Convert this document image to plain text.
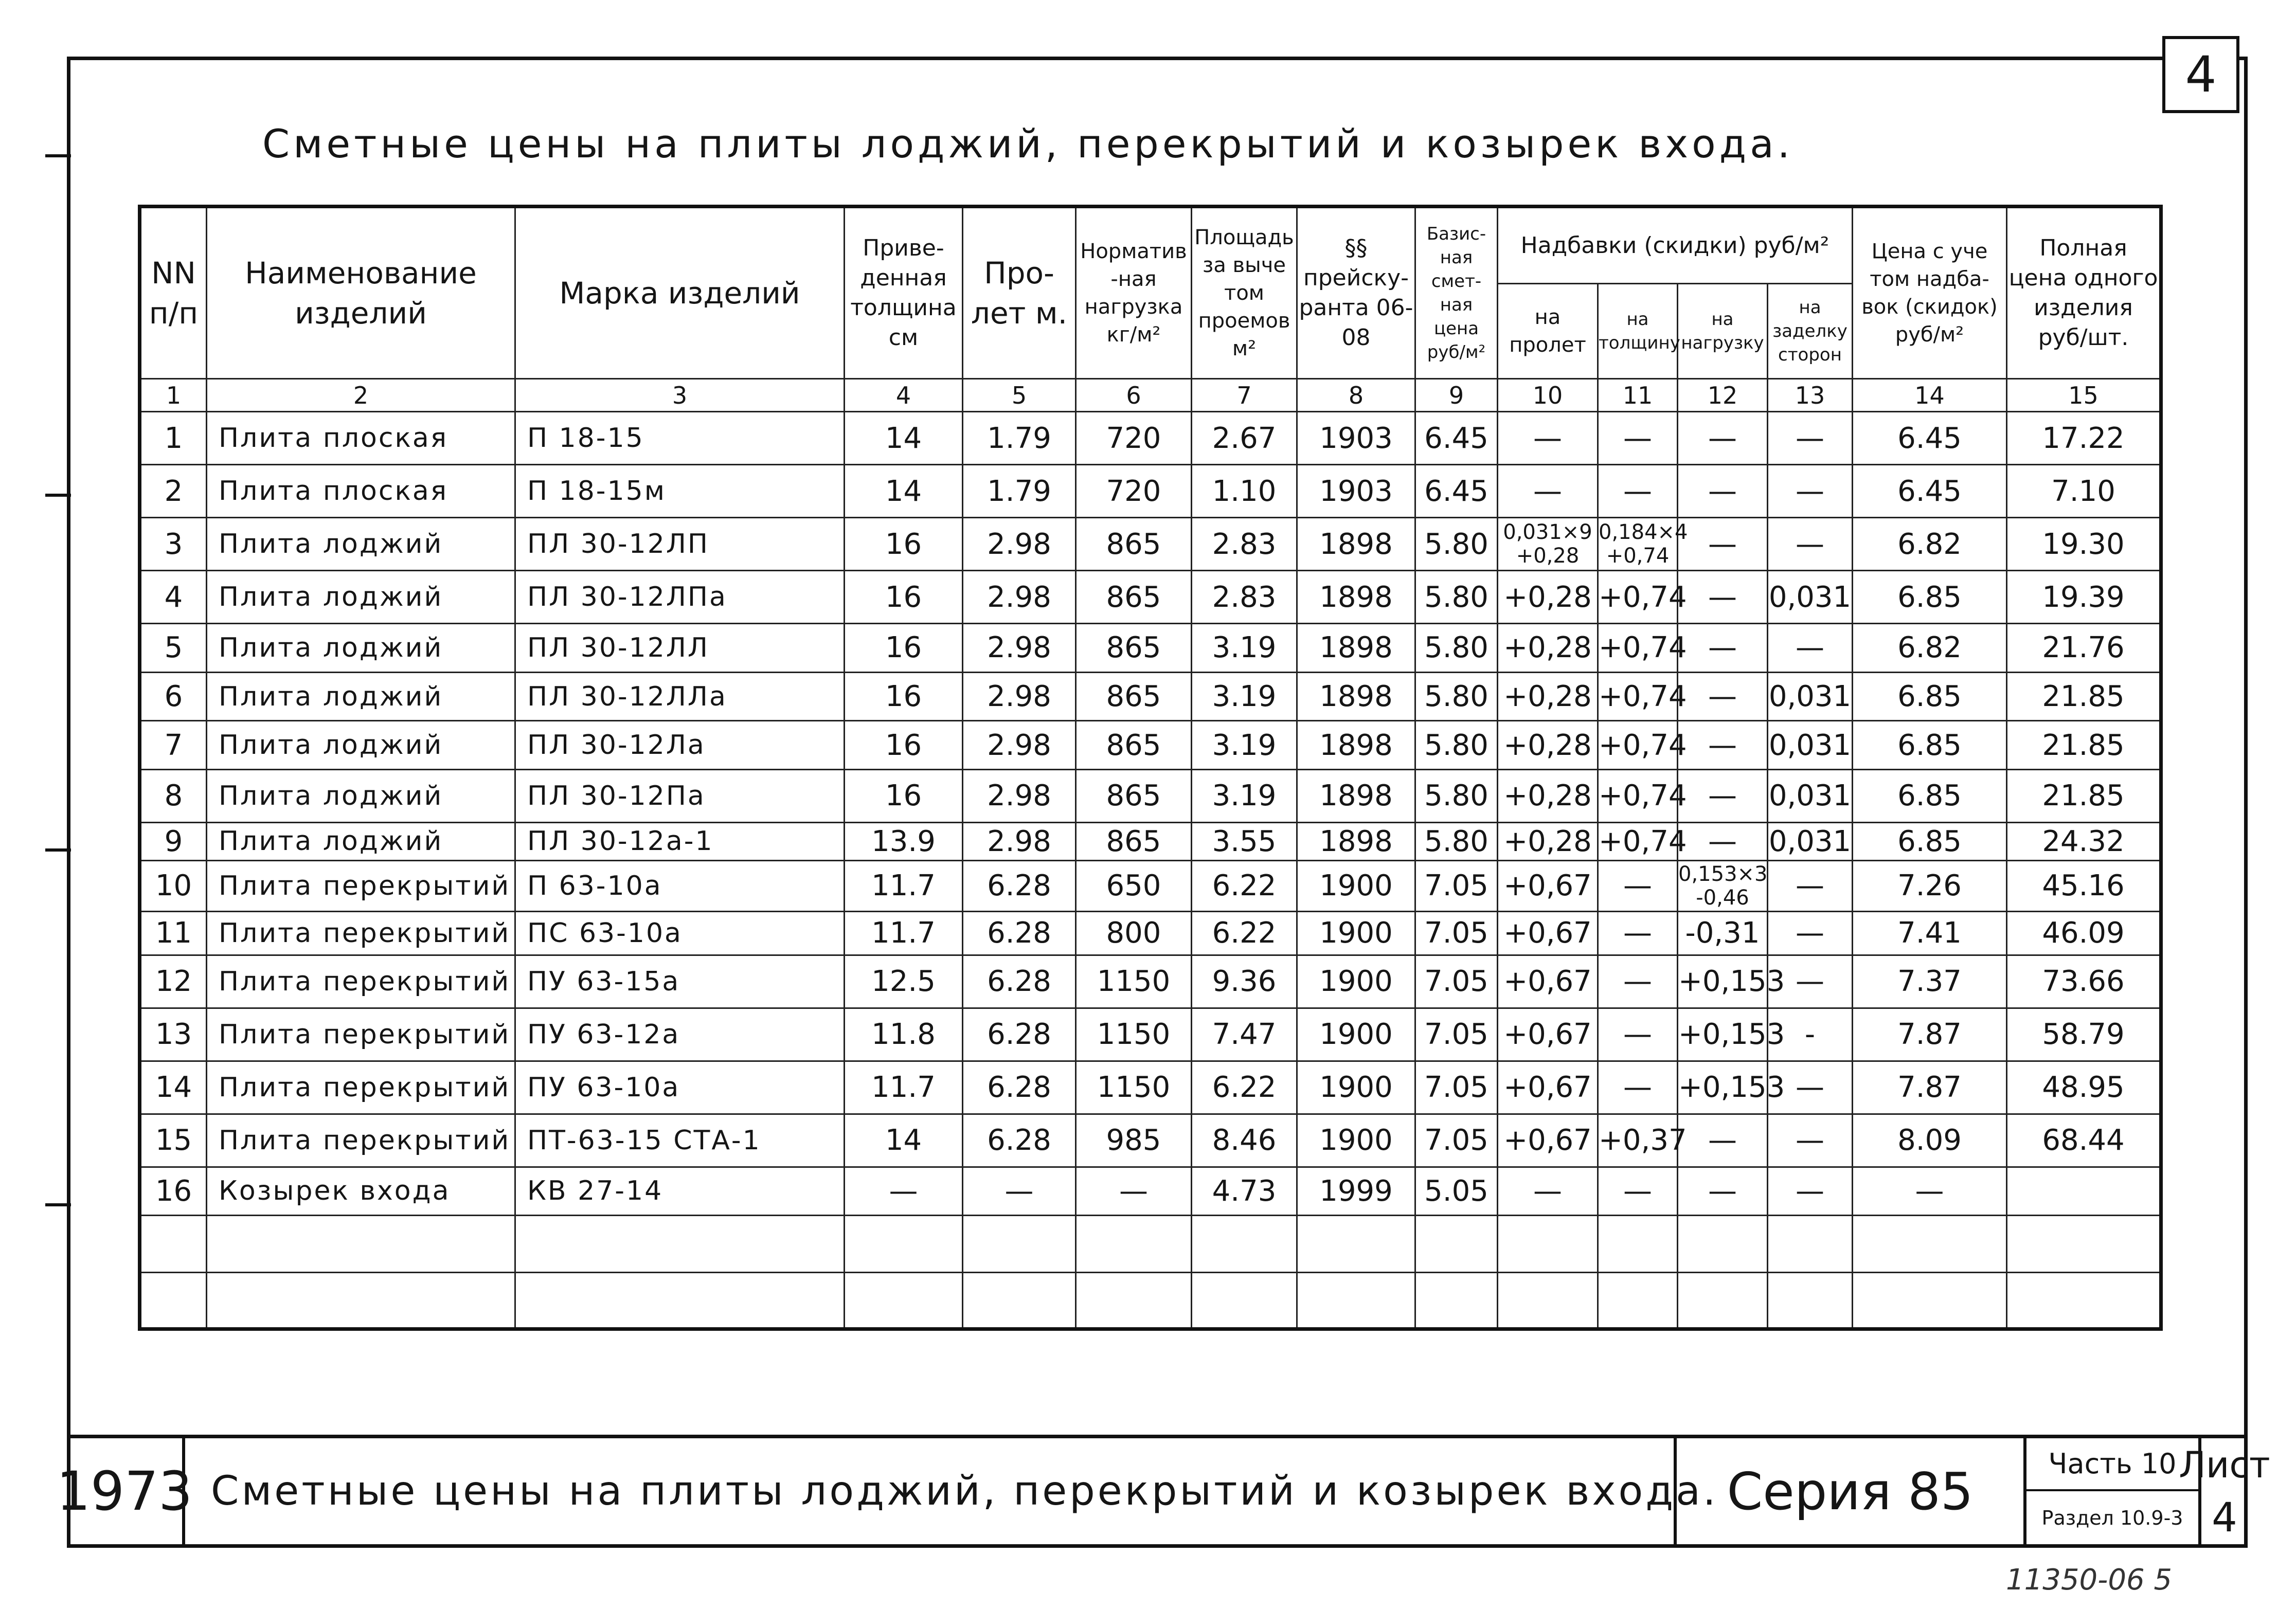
4
Сметные цены на плиты лоджий, перекрытий и козырек входа.
NN п/п	Наименование изделий	Марка изделий	Приве- денная толщина см	Про- лет м.	Норматив -ная нагрузка кг/м²	Площадь за выче том проемов м²	§§ прейску- ранта 06-08	Базис- ная смет- ная цена руб/м²	Надбавки (скидки) руб/м²				Цена с уче том надба- вок (скидок) руб/м²	Полная цена одного изделия руб/шт.
									на пролет	на толщину	на нагрузку	на заделку сторон		
1	2	3	4	5	6	7	8	9	10	11	12	13	14	15
1	Плита плоская	П 18-15	14	1.79	720	2.67	1903	6.45	—	—	—	—	6.45	17.22
2	Плита плоская	П 18-15м	14	1.79	720	1.10	1903	6.45	—	—	—	—	6.45	7.10
3	Плита лоджий	ПЛ 30-12ЛП	16	2.98	865	2.83	1898	5.80	0,031×9 +0,28	0,184×4 +0,74	—	—	6.82	19.30
4	Плита лоджий	ПЛ 30-12ЛПа	16	2.98	865	2.83	1898	5.80	+0,28	+0,74	—	0,031	6.85	19.39
5	Плита лоджий	ПЛ 30-12ЛЛ	16	2.98	865	3.19	1898	5.80	+0,28	+0,74	—	—	6.82	21.76
6	Плита лоджий	ПЛ 30-12ЛЛа	16	2.98	865	3.19	1898	5.80	+0,28	+0,74	—	0,031	6.85	21.85
7	Плита лоджий	ПЛ 30-12Ла	16	2.98	865	3.19	1898	5.80	+0,28	+0,74	—	0,031	6.85	21.85
8	Плита лоджий	ПЛ 30-12Па	16	2.98	865	3.19	1898	5.80	+0,28	+0,74	—	0,031	6.85	21.85
9	Плита лоджий	ПЛ 30-12а-1	13.9	2.98	865	3.55	1898	5.80	+0,28	+0,74	—	0,031	6.85	24.32
10	Плита перекрытий	П 63-10а	11.7	6.28	650	6.22	1900	7.05	+0,67	—	0,153×3 -0,46	—	7.26	45.16
11	Плита перекрытий	ПС 63-10а	11.7	6.28	800	6.22	1900	7.05	+0,67	—	-0,31	—	7.41	46.09
12	Плита перекрытий	ПУ 63-15а	12.5	6.28	1150	9.36	1900	7.05	+0,67	—	+0,153	—	7.37	73.66
13	Плита перекрытий	ПУ 63-12а	11.8	6.28	1150	7.47	1900	7.05	+0,67	—	+0,153	-	7.87	58.79
14	Плита перекрытий	ПУ 63-10а	11.7	6.28	1150	6.22	1900	7.05	+0,67	—	+0,153	—	7.87	48.95
15	Плита перекрытий	ПТ-63-15 СТА-1	14	6.28	985	8.46	1900	7.05	+0,67	+0,37	—	—	8.09	68.44
16	Козырек входа	КВ 27-14	—	—	—	4.73	1999	5.05	—	—	—	—	—	

1973 Сметные цены на плиты лоджий, перекрытий и козырек входа. Серия 85	Часть 10
Раздел 10.9-3
Лист
4
11350-06 5
